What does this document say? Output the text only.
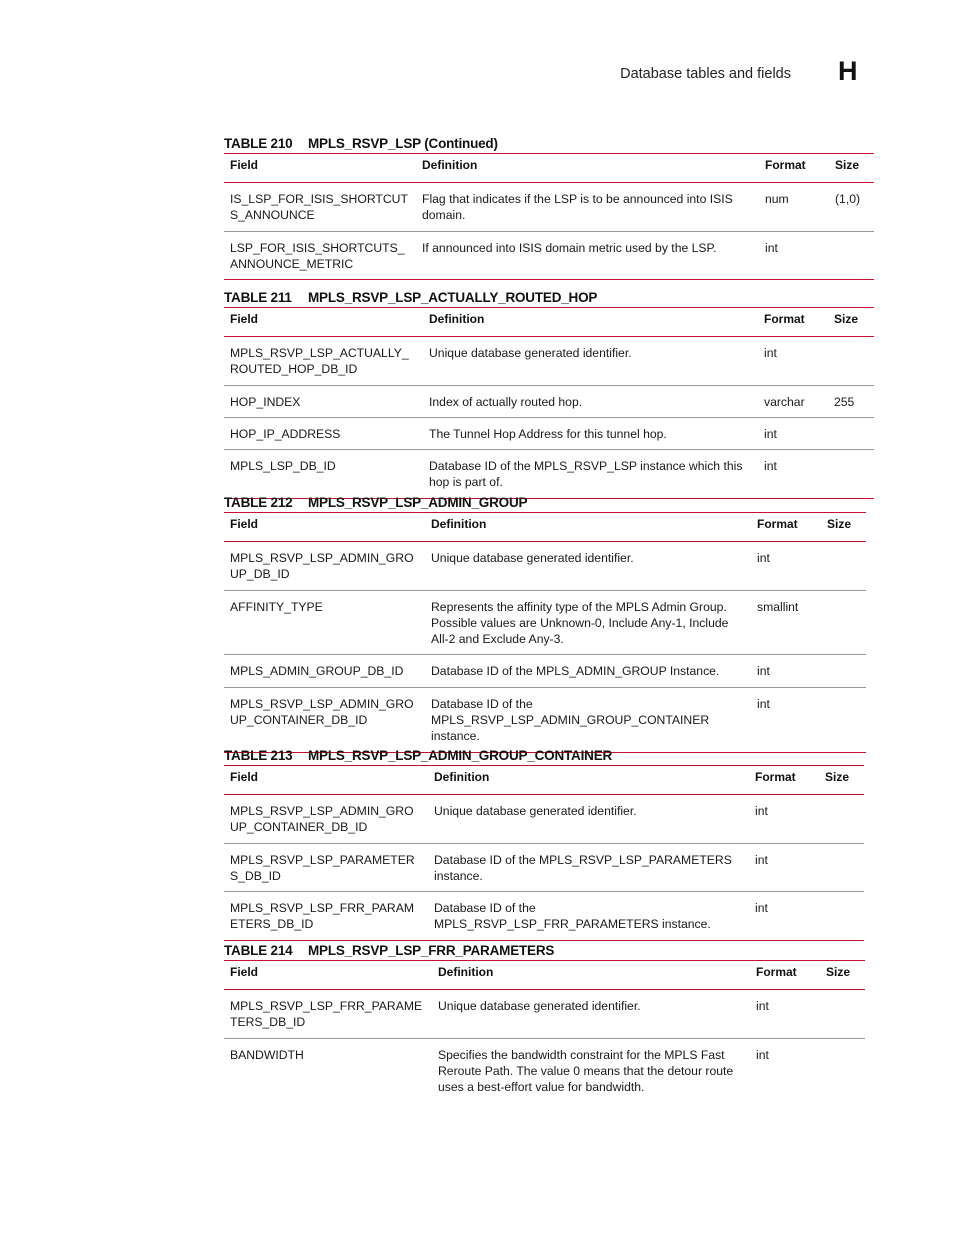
Database tables and fields H
TABLE 210 MPLS_RSVP_LSP (Continued)
Field	Definition	Format	Size
IS_LSP_FOR_ISIS_SHORTCUTS_ANNOUNCE	Flag that indicates if the LSP is to be announced into ISIS domain.	num	(1,0)
LSP_FOR_ISIS_SHORTCUTS_ANNOUNCE_METRIC	If announced into ISIS domain metric used by the LSP.	int	
TABLE 211 MPLS_RSVP_LSP_ACTUALLY_ROUTED_HOP
Field	Definition	Format	Size
MPLS_RSVP_LSP_ACTUALLY_ROUTED_HOP_DB_ID	Unique database generated identifier.	int	
HOP_INDEX	Index of actually routed hop.	varchar	255
HOP_IP_ADDRESS	The Tunnel Hop Address for this tunnel hop.	int	
MPLS_LSP_DB_ID	Database ID of the MPLS_RSVP_LSP instance which this hop is part of.	int	
TABLE 212 MPLS_RSVP_LSP_ADMIN_GROUP
Field	Definition	Format	Size
MPLS_RSVP_LSP_ADMIN_GROUP_DB_ID	Unique database generated identifier.	int	
AFFINITY_TYPE	Represents the affinity type of the MPLS Admin Group. Possible values are Unknown-0, Include Any-1, Include All-2 and Exclude Any-3.	smallint	
MPLS_ADMIN_GROUP_DB_ID	Database ID of the MPLS_ADMIN_GROUP Instance.	int	
MPLS_RSVP_LSP_ADMIN_GROUP_CONTAINER_DB_ID	Database ID of the MPLS_RSVP_LSP_ADMIN_GROUP_CONTAINER instance.	int	
TABLE 213 MPLS_RSVP_LSP_ADMIN_GROUP_CONTAINER
Field	Definition	Format	Size
MPLS_RSVP_LSP_ADMIN_GROUP_CONTAINER_DB_ID	Unique database generated identifier.	int	
MPLS_RSVP_LSP_PARAMETERS_DB_ID	Database ID of the MPLS_RSVP_LSP_PARAMETERS instance.	int	
MPLS_RSVP_LSP_FRR_PARAMETERS_DB_ID	Database ID of the MPLS_RSVP_LSP_FRR_PARAMETERS instance.	int	
TABLE 214 MPLS_RSVP_LSP_FRR_PARAMETERS
Field	Definition	Format	Size
MPLS_RSVP_LSP_FRR_PARAMETERS_DB_ID	Unique database generated identifier.	int	
BANDWIDTH	Specifies the bandwidth constraint for the MPLS Fast Reroute Path. The value 0 means that the detour route uses a best-effort value for bandwidth.	int	
